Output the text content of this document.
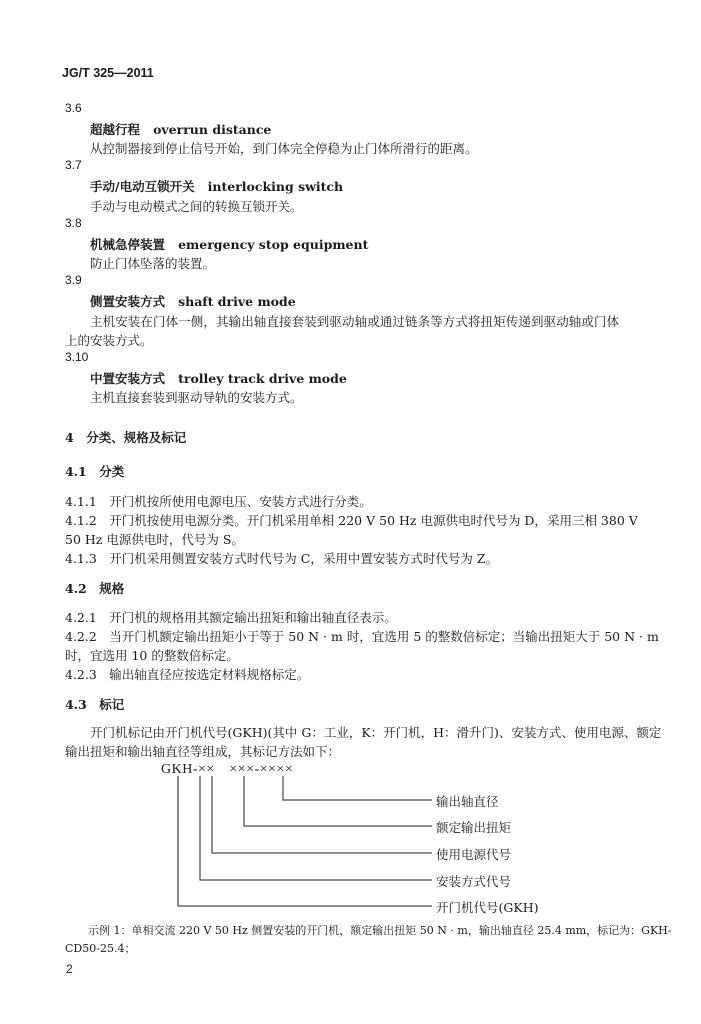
JG/T 325—2011
3.6
超越行程 overrun distance
从控制器接到停止信号开始，到门体完全停稳为止门体所滑行的距离。
3.7
手动/电动互锁开关 interlocking switch
手动与电动模式之间的转换互锁开关。
3.8
机械急停装置 emergency stop equipment
防止门体坠落的装置。
3.9
侧置安装方式 shaft drive mode
主机安装在门体一侧，其输出轴直接套装到驱动轴或通过链条等方式将扭矩传递到驱动轴或门体
上的安装方式。
3.10
中置安装方式 trolley track drive mode
主机直接套装到驱动导轨的安装方式。
4　分类、规格及标记
4.1　分类
4.1.1　开门机按所使用电源电压、安装方式进行分类。
4.1.2　开门机按使用电源分类。开门机采用单相 220 V 50 Hz 电源供电时代号为 D，采用三相 380 V
50 Hz 电源供电时，代号为 S。
4.1.3　开门机采用侧置安装方式时代号为 C，采用中置安装方式时代号为 Z。
4.2　规格
4.2.1　开门机的规格用其额定输出扭矩和输出轴直径表示。
4.2.2　当开门机额定输出扭矩小于等于 50 N · m 时，宜选用 5 的整数倍标定；当输出扭矩大于 50 N · m
时，宜选用 10 的整数倍标定。
4.2.3　输出轴直径应按选定材料规格标定。
4.3　标记
开门机标记由开门机代号(GKH)(其中 G：工业，K：开门机，H：滑升门)、安装方式、使用电源、额定
输出扭矩和输出轴直径等组成，其标记方法如下：
GKH-××　×××-××××
输出轴直径
额定输出扭矩
使用电源代号
安装方式代号
开门机代号(GKH)
示例 1：单相交流 220 V 50 Hz 侧置安装的开门机，额定输出扭矩 50 N · m，输出轴直径 25.4 mm，标记为：GKH-
CD50-25.4；
2
